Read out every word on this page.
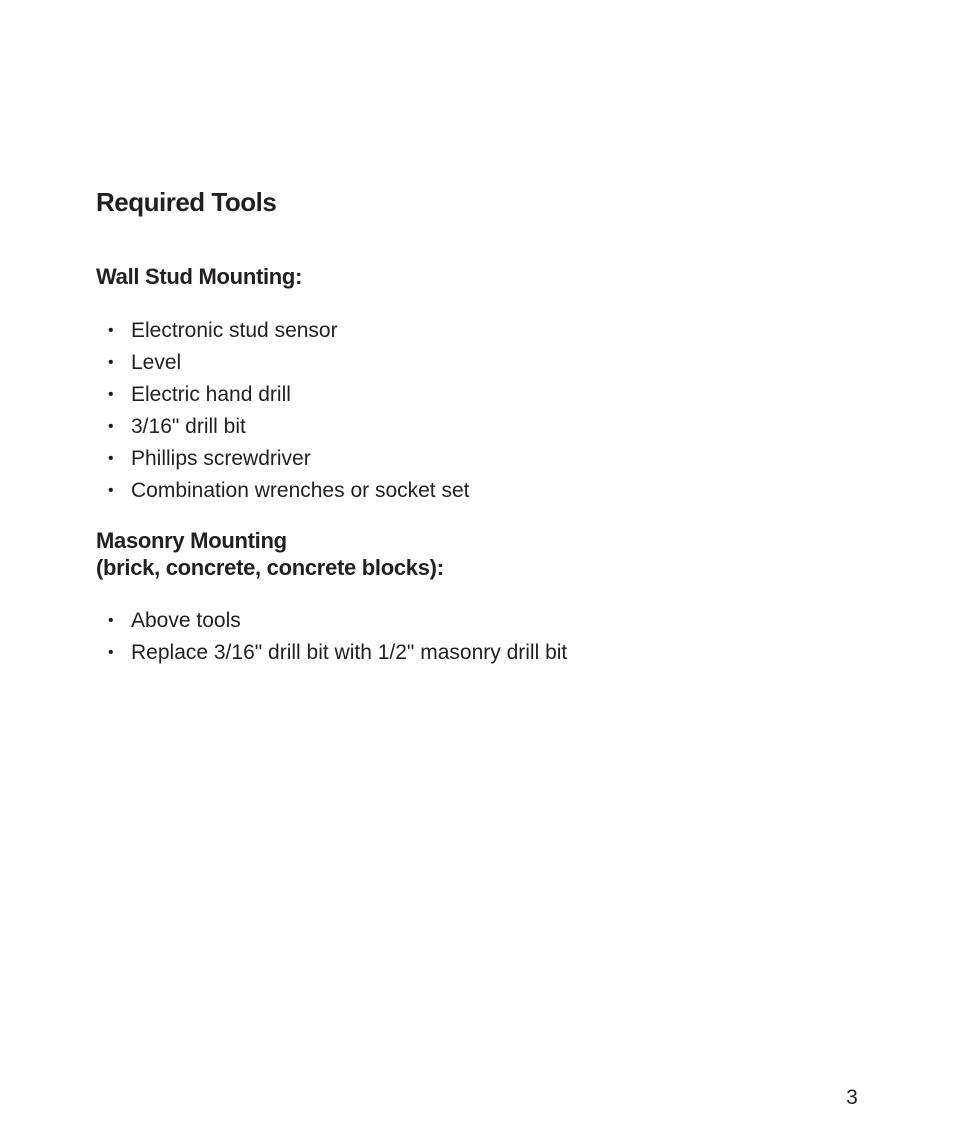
Required Tools
Wall Stud Mounting:
• Electronic stud sensor
• Level
• Electric hand drill
• 3/16" drill bit
• Phillips screwdriver
• Combination wrenches or socket set
Masonry Mounting
(brick, concrete, concrete blocks):
• Above tools
• Replace 3/16" drill bit with 1/2" masonry drill bit
3
